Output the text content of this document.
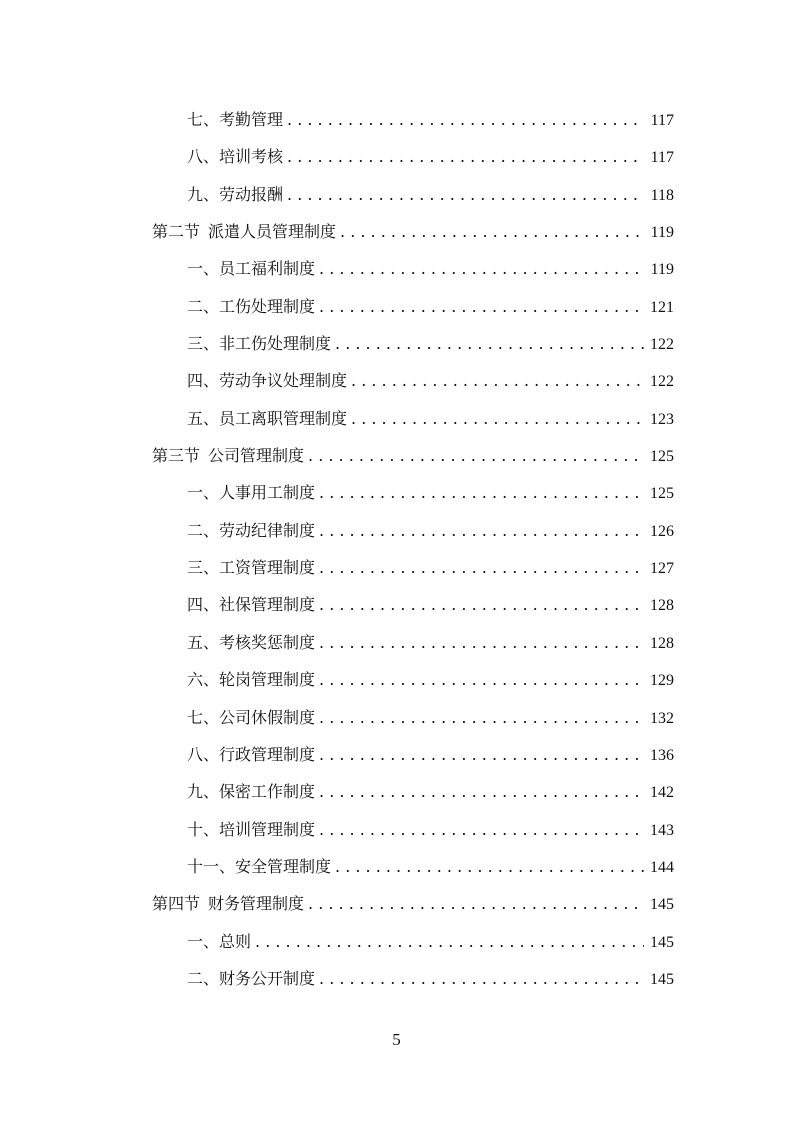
七、考勤管理 . . .	117
八、培训考核 . . .	117
九、劳动报酬 . . .	118
第二节 派遣人员管理制度 . . .	119
一、员工福利制度 . . .	119
二、工伤处理制度 . . .	121
三、非工伤处理制度 . . .	122
四、劳动争议处理制度 . . .	122
五、员工离职管理制度 . . .	123
第三节 公司管理制度 . . .	125
一、人事用工制度 . . .	125
二、劳动纪律制度 . . .	126
三、工资管理制度 . . .	127
四、社保管理制度 . . .	128
五、考核奖惩制度 . . .	128
六、轮岗管理制度 . . .	129
七、公司休假制度 . . .	132
八、行政管理制度 . . .	136
九、保密工作制度 . . .	142
十、培训管理制度 . . .	143
十一、安全管理制度 . . .	144
第四节 财务管理制度 . . .	145
一、总则 . . .	145
二、财务公开制度 . . .	145
5
